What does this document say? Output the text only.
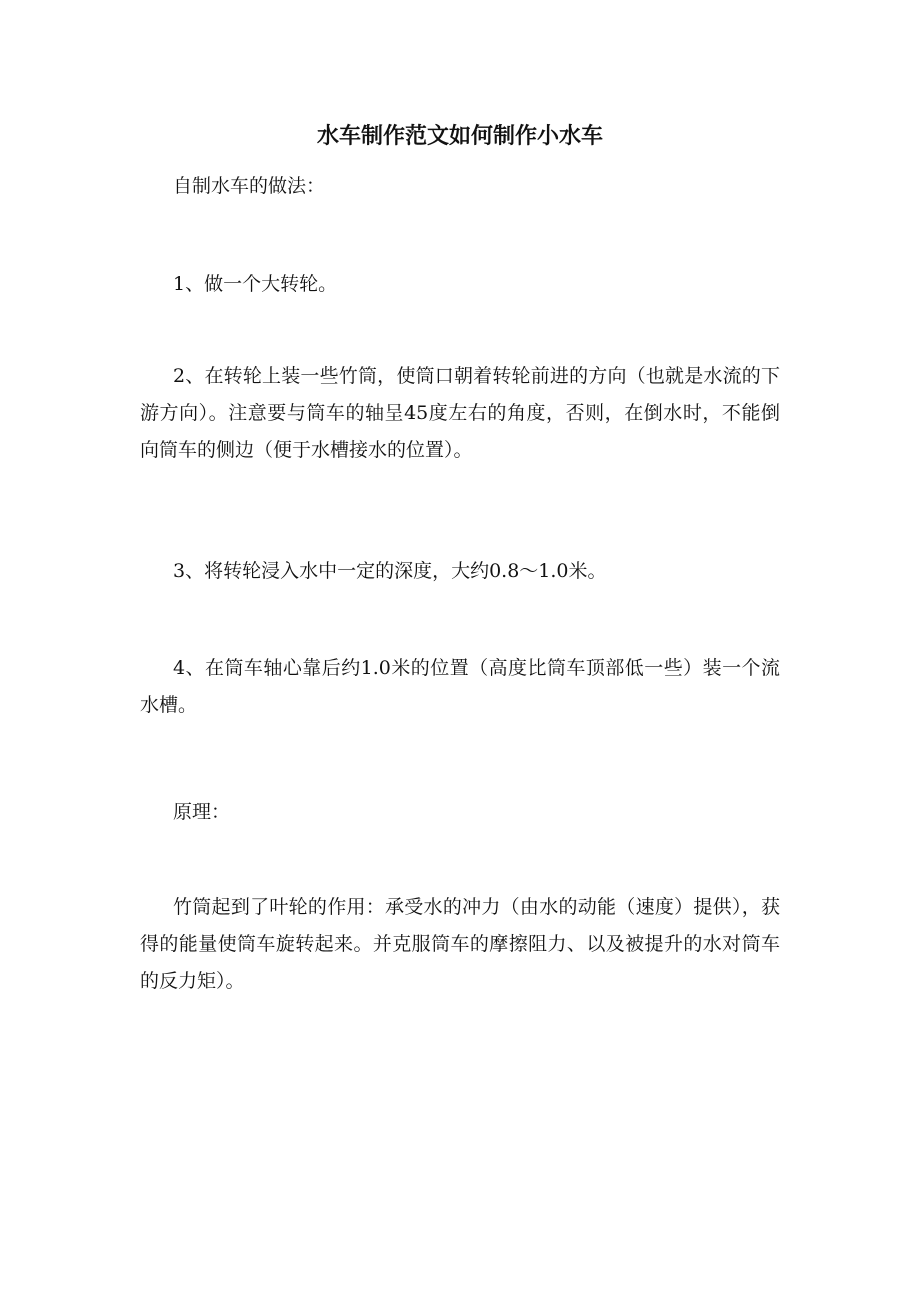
水车制作范文如何制作小水车

自制水车的做法：

1、做一个大转轮。

2、在转轮上装一些竹筒，使筒口朝着转轮前进的方向（也就是水流的下游方向）。注意要与筒车的轴呈45度左右的角度，否则，在倒水时，不能倒向筒车的侧边（便于水槽接水的位置）。

3、将转轮浸入水中一定的深度，大约0.8～1.0米。

4、在筒车轴心靠后约1.0米的位置（高度比筒车顶部低一些）装一个流水槽。

原理：

竹筒起到了叶轮的作用：承受水的冲力（由水的动能（速度）提供），获得的能量使筒车旋转起来。并克服筒车的摩擦阻力、以及被提升的水对筒车的反力矩）。
